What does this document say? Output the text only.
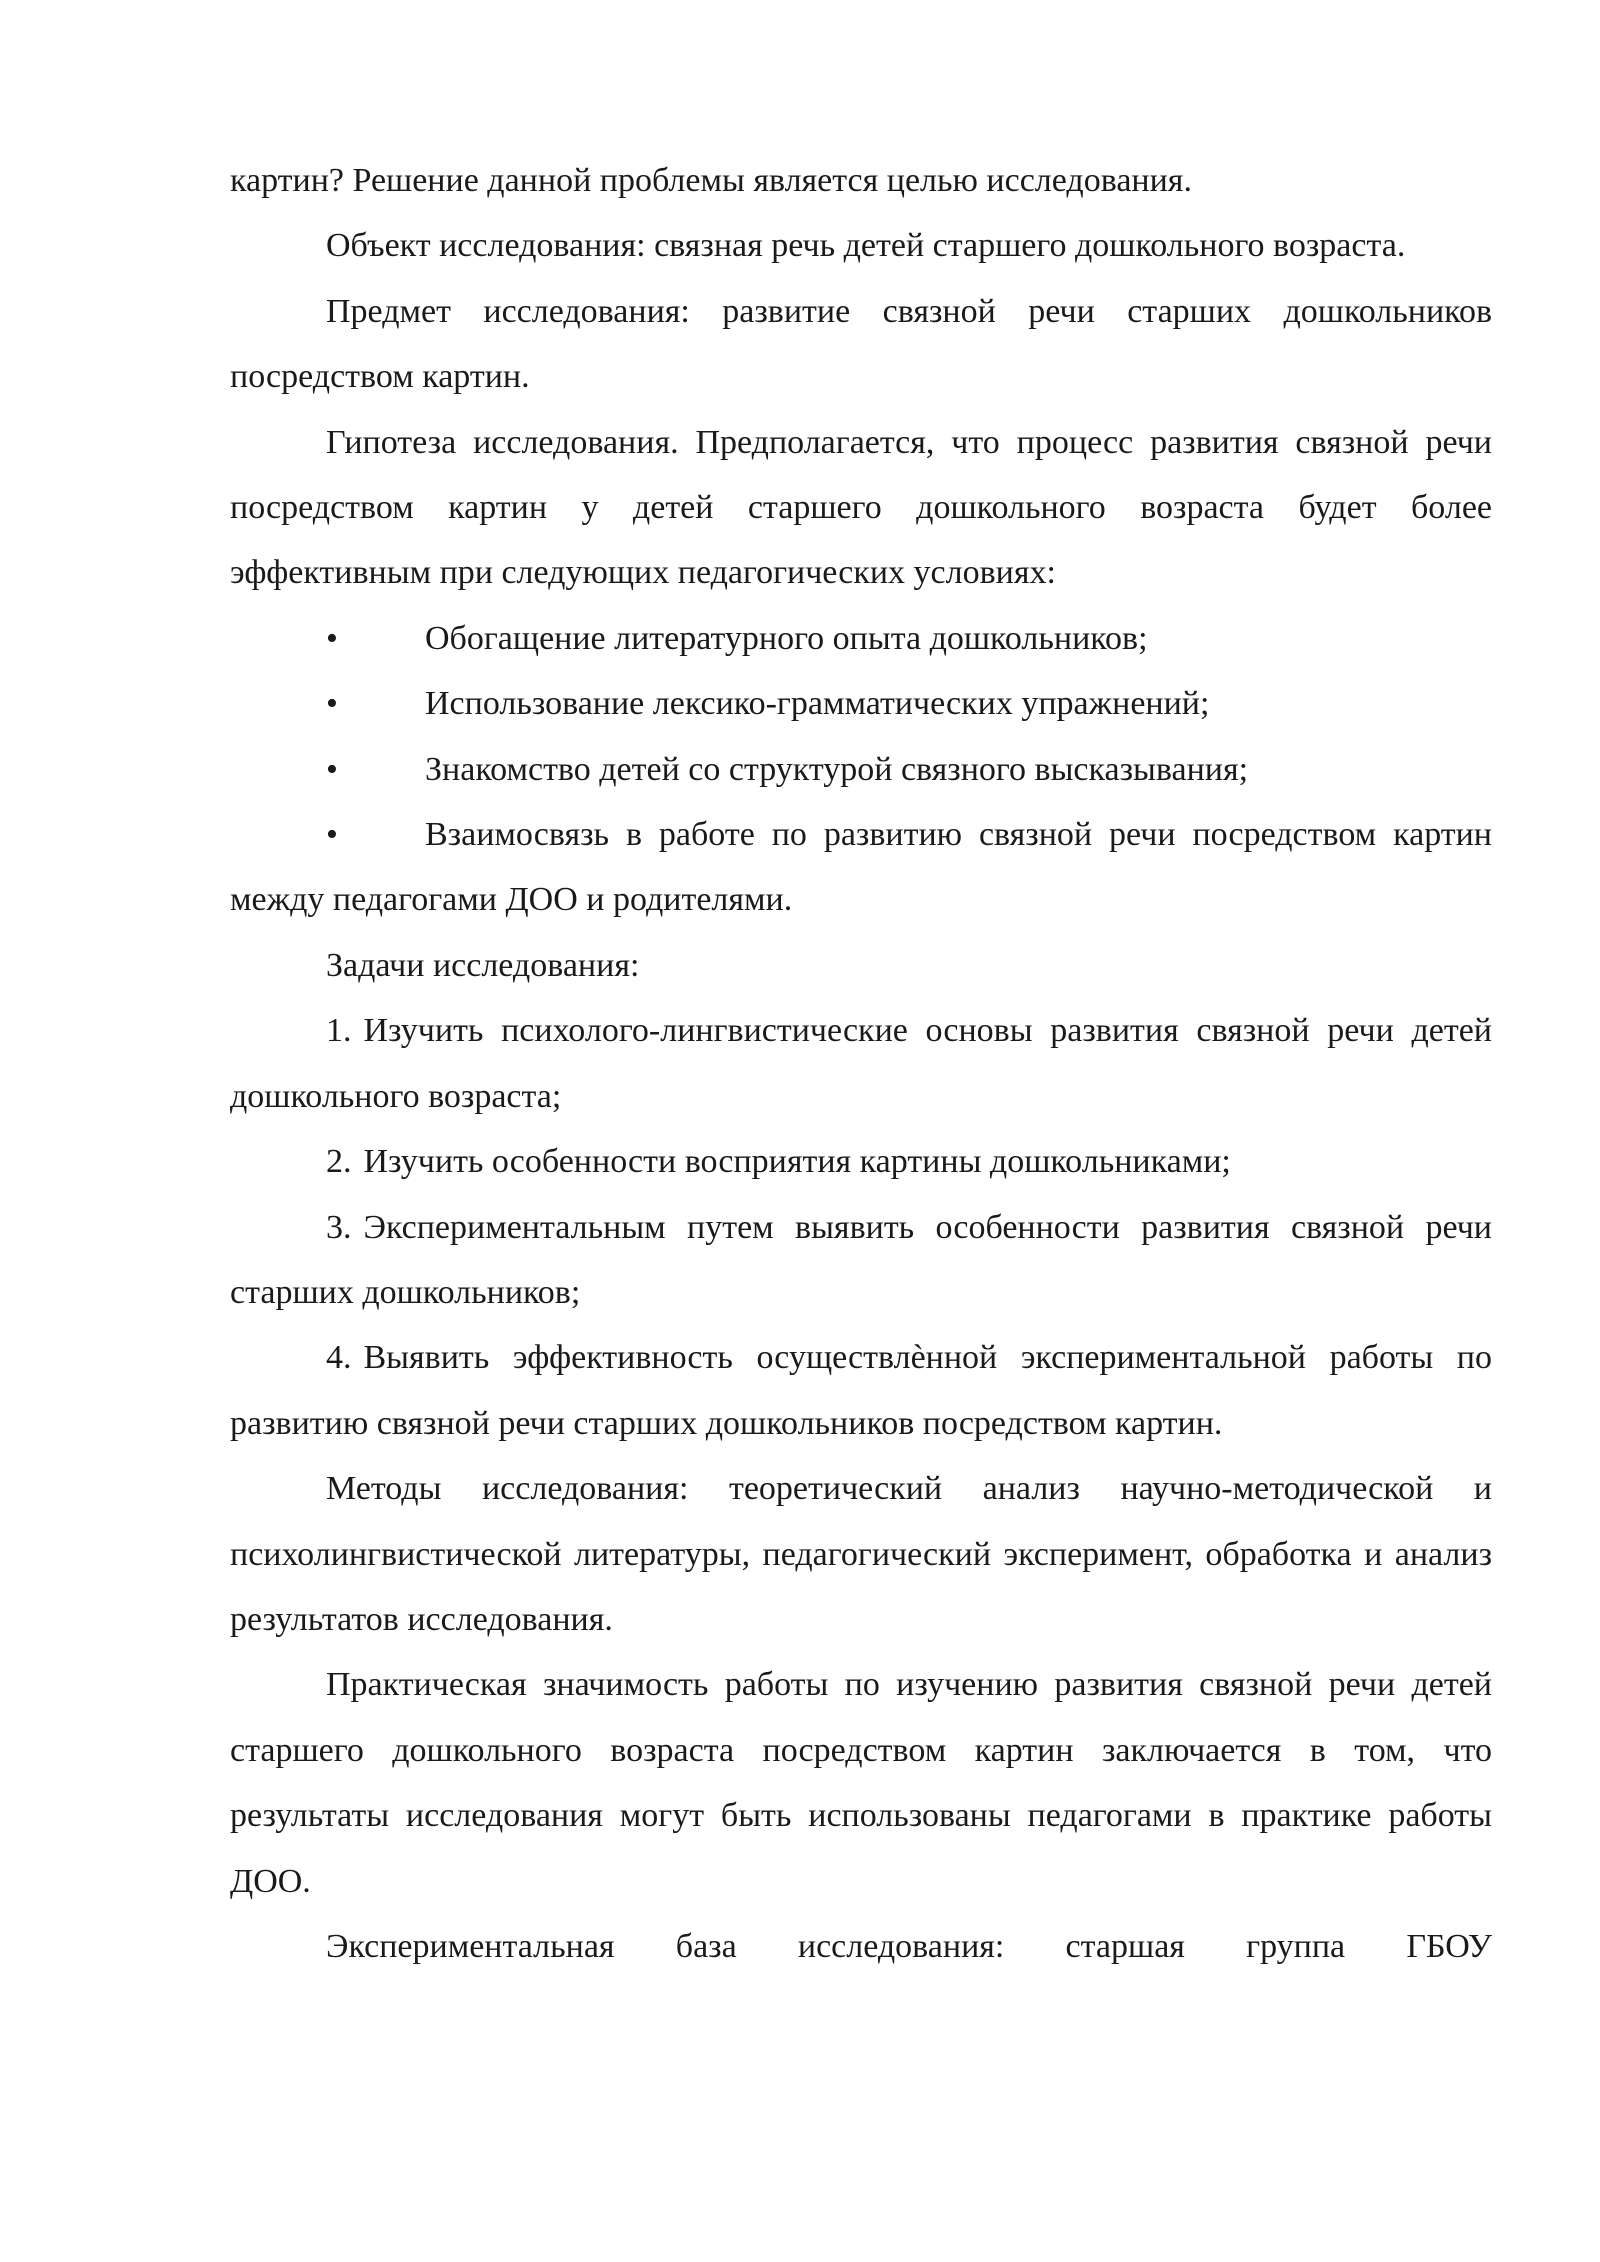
картин? Решение данной проблемы является целью исследования.

Объект исследования: связная речь детей старшего дошкольного возраста.

Предмет исследования: развитие связной речи старших дошкольников посредством картин.

Гипотеза исследования. Предполагается, что процесс развития связной речи посредством картин у детей старшего дошкольного возраста будет более эффективным при следующих педагогических условиях:

•	Обогащение литературного опыта дошкольников;

•	Использование лексико-грамматических упражнений;

•	Знакомство детей со структурой связного высказывания;

•	Взаимосвязь в работе по развитию связной речи посредством картин между педагогами ДОО и родителями.

Задачи исследования:

1. Изучить психолого-лингвистические основы развития связной речи детей дошкольного возраста;

2. Изучить особенности восприятия картины дошкольниками;

3. Экспериментальным путем выявить особенности развития связной речи старших дошкольников;

4. Выявить эффективность осуществлѐнной экспериментальной работы по развитию связной речи старших дошкольников посредством картин.

Методы исследования: теоретический анализ научно-методической и психолингвистической литературы, педагогический эксперимент, обработка и анализ результатов исследования.

Практическая значимость работы по изучению развития связной речи детей старшего дошкольного возраста посредством картин заключается в том, что результаты исследования могут быть использованы педагогами в практике работы ДОО.

Экспериментальная база исследования: старшая группа ГБОУ
